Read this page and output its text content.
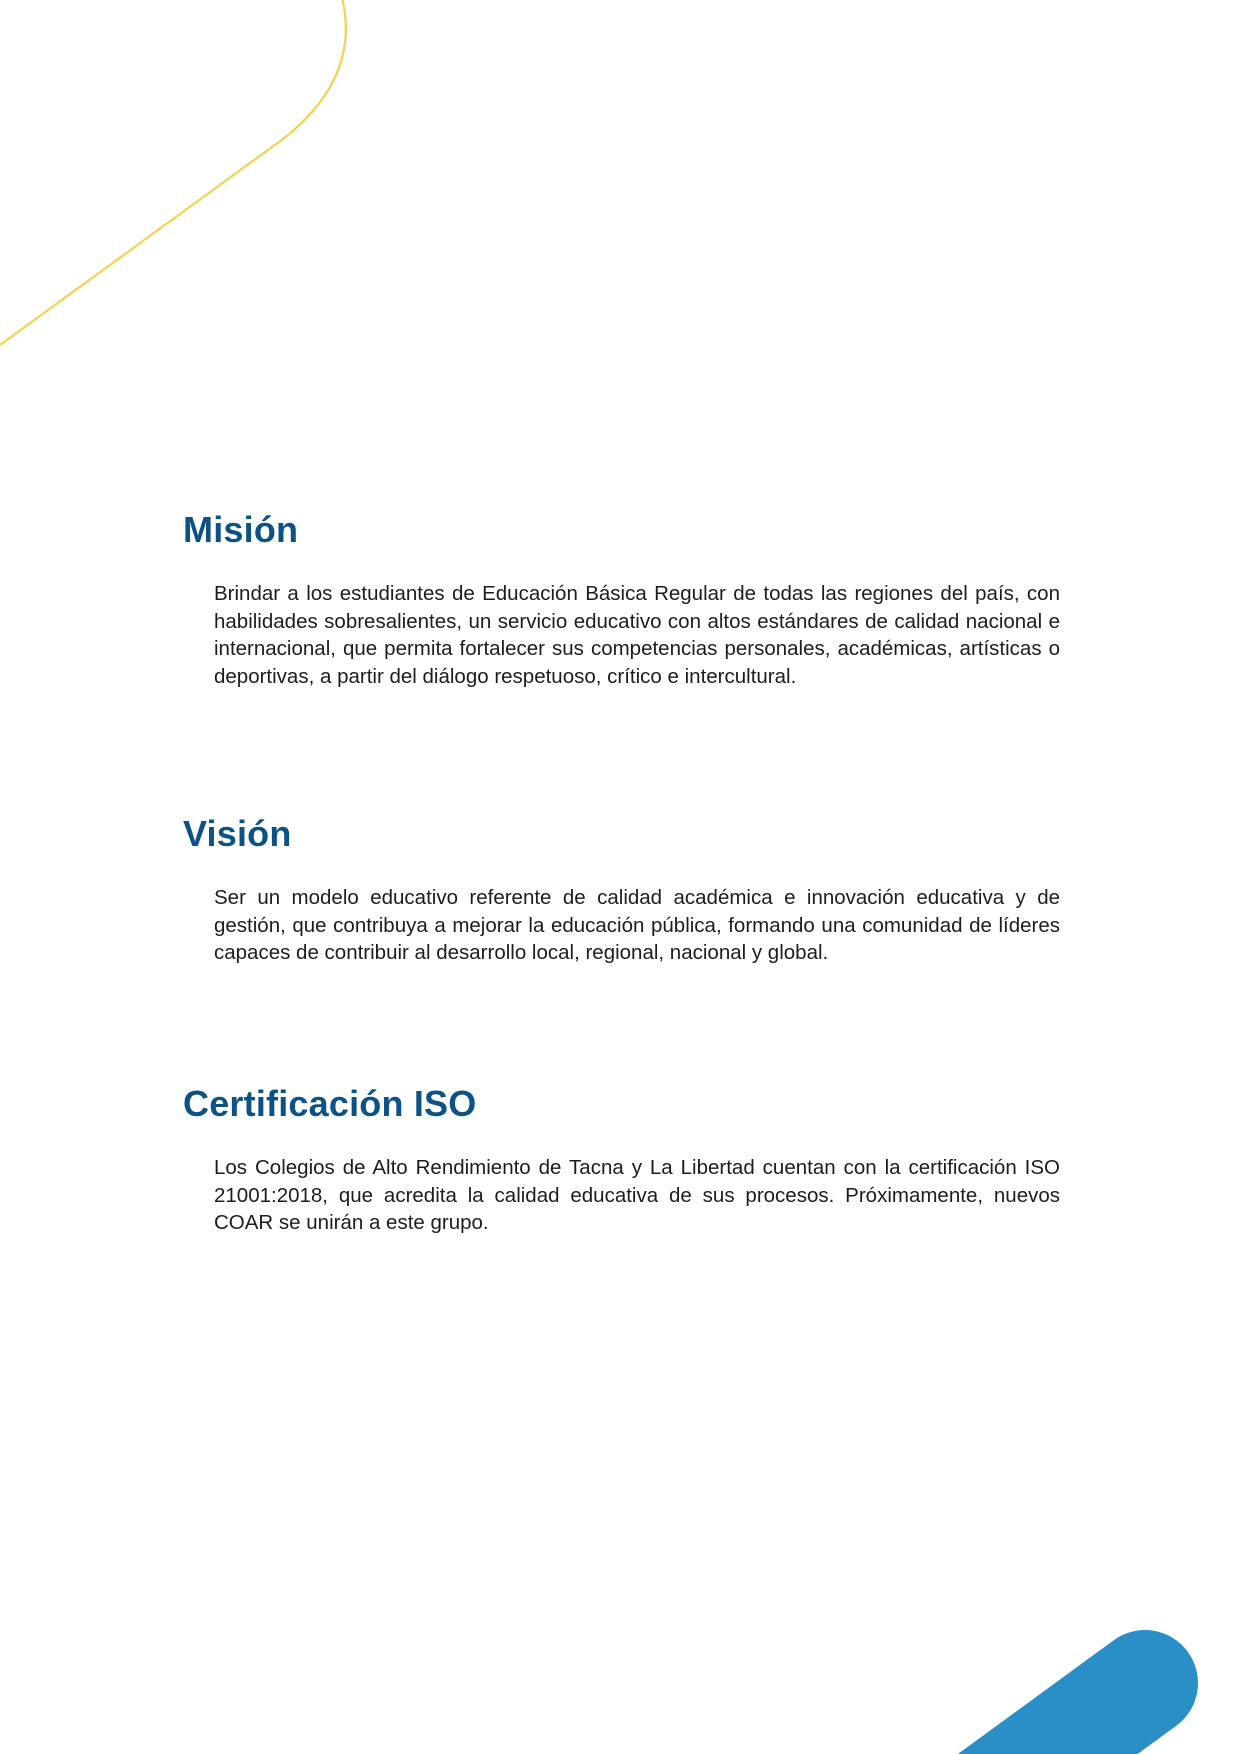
Misión

Brindar a los estudiantes de Educación Básica Regular de todas las regiones del país, con habilidades sobresalientes, un servicio educativo con altos estándares de calidad nacional e internacional, que permita fortalecer sus competencias personales, académicas, artísticas o deportivas, a partir del diálogo respetuoso, crítico e intercultural.

Visión

Ser un modelo educativo referente de calidad académica e innovación educativa y de gestión, que contribuya a mejorar la educación pública, formando una comunidad de líderes capaces de contribuir al desarrollo local, regional, nacional y global.

Certificación ISO

Los Colegios de Alto Rendimiento de Tacna y La Libertad cuentan con la certificación ISO 21001:2018, que acredita la calidad educativa de sus procesos. Próximamente, nuevos COAR se unirán a este grupo.
